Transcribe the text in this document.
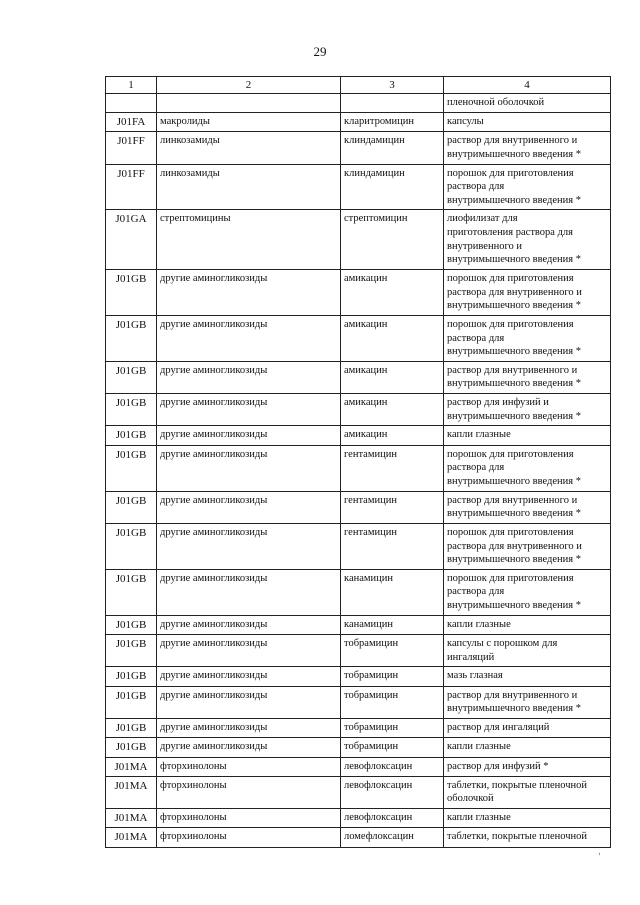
29
1	2	3	4
			пленочной оболочкой
J01FA	макролиды	кларитромицин	капсулы
J01FF	линкозамиды	клиндамицин	раствор для внутривенного и
внутримышечного введения *
J01FF	линкозамиды	клиндамицин	порошок для приготовления
раствора для
внутримышечного введения *
J01GA	стрептомицины	стрептомицин	лиофилизат для
приготовления раствора для
внутривенного и
внутримышечного введения *
J01GB	другие аминогликозиды	амикацин	порошок для приготовления
раствора для внутривенного и
внутримышечного введения *
J01GB	другие аминогликозиды	амикацин	порошок для приготовления
раствора для
внутримышечного введения *
J01GB	другие аминогликозиды	амикацин	раствор для внутривенного и
внутримышечного введения *
J01GB	другие аминогликозиды	амикацин	раствор для инфузий и
внутримышечного введения *
J01GB	другие аминогликозиды	амикацин	капли глазные
J01GB	другие аминогликозиды	гентамицин	порошок для приготовления
раствора для
внутримышечного введения *
J01GB	другие аминогликозиды	гентамицин	раствор для внутривенного и
внутримышечного введения *
J01GB	другие аминогликозиды	гентамицин	порошок для приготовления
раствора для внутривенного и
внутримышечного введения *
J01GB	другие аминогликозиды	канамицин	порошок для приготовления
раствора для
внутримышечного введения *
J01GB	другие аминогликозиды	канамицин	капли глазные
J01GB	другие аминогликозиды	тобрамицин	капсулы с порошком для
ингаляций
J01GB	другие аминогликозиды	тобрамицин	мазь глазная
J01GB	другие аминогликозиды	тобрамицин	раствор для внутривенного и
внутримышечного введения *
J01GB	другие аминогликозиды	тобрамицин	раствор для ингаляций
J01GB	другие аминогликозиды	тобрамицин	капли глазные
J01MA	фторхинолоны	левофлоксацин	раствор для инфузий *
J01MA	фторхинолоны	левофлоксацин	таблетки, покрытые пленочной
оболочкой
J01MA	фторхинолоны	левофлоксацин	капли глазные
J01MA	фторхинолоны	ломефлоксацин	таблетки, покрытые пленочной
‚
